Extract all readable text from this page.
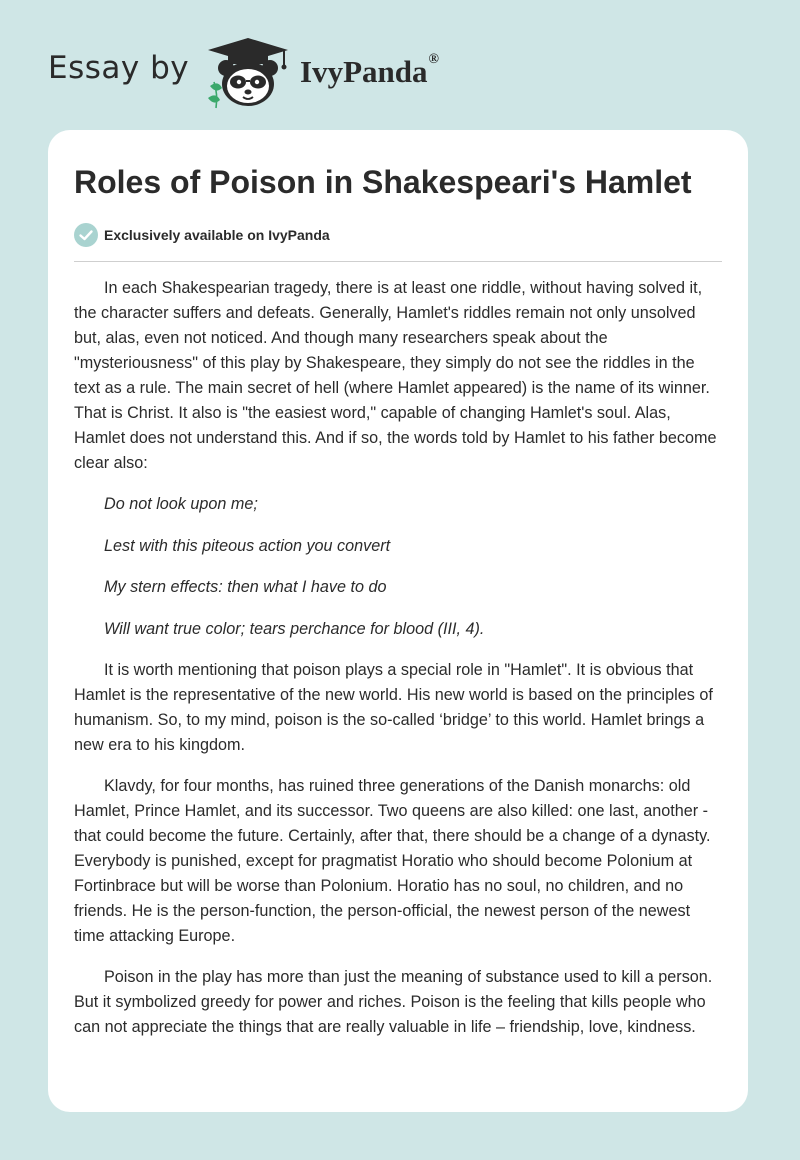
Essay by	IvyPanda®
Roles of Poison in Shakespeari's Hamlet
Exclusively available on IvyPanda

In each Shakespearian tragedy, there is at least one riddle, without having solved it, the character suffers and defeats. Generally, Hamlet's riddles remain not only unsolved but, alas, even not noticed. And though many researchers speak about the "mysteriousness" of this play by Shakespeare, they simply do not see the riddles in the text as a rule. The main secret of hell (where Hamlet appeared) is the name of its winner. That is Christ. It also is "the easiest word," capable of changing Hamlet's soul. Alas, Hamlet does not understand this. And if so, the words told by Hamlet to his father become clear also:

Do not look upon me;

Lest with this piteous action you convert

My stern effects: then what I have to do

Will want true color; tears perchance for blood (III, 4).

It is worth mentioning that poison plays a special role in "Hamlet". It is obvious that Hamlet is the representative of the new world. His new world is based on the principles of humanism. So, to my mind, poison is the so-called ‘bridge’ to this world. Hamlet brings a new era to his kingdom.

Klavdy, for four months, has ruined three generations of the Danish monarchs: old Hamlet, Prince Hamlet, and its successor. Two queens are also killed: one last, another - that could become the future. Certainly, after that, there should be a change of a dynasty. Everybody is punished, except for pragmatist Horatio who should become Polonium at Fortinbrace but will be worse than Polonium. Horatio has no soul, no children, and no friends. He is the person-function, the person-official, the newest person of the newest time attacking Europe.

Poison in the play has more than just the meaning of substance used to kill a person. But it symbolized greedy for power and riches. Poison is the feeling that kills people who can not appreciate the things that are really valuable in life – friendship, love, kindness.
